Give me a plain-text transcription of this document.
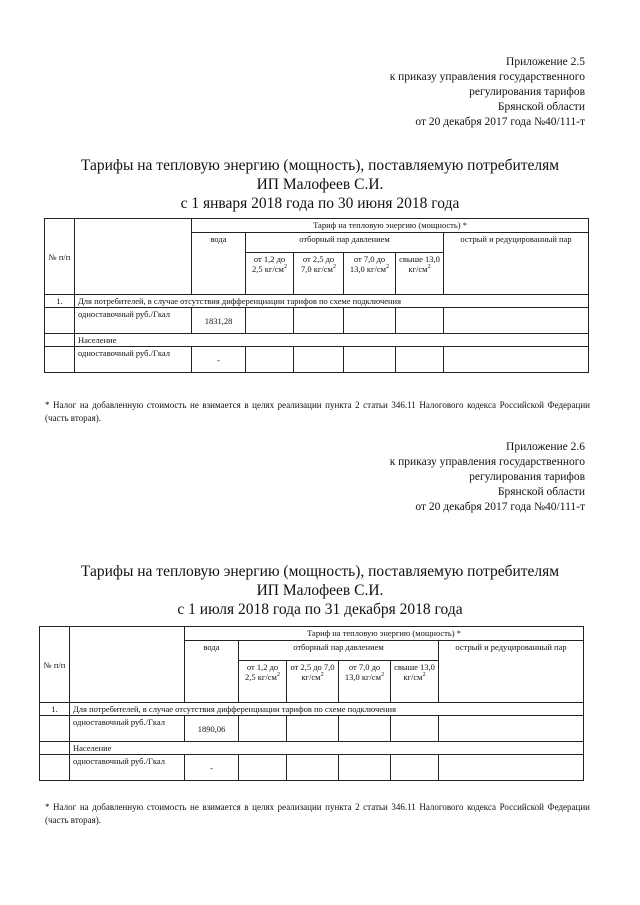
Приложение 2.5
к приказу управления государственного
регулирования тарифов
Брянской области
от 20 декабря 2017 года №40/111-т
Тарифы на тепловую энергию (мощность), поставляемую потребителям
ИП Малофеев С.И.
с 1 января 2018 года по 30 июня 2018 года
№ п/п		Тариф на тепловую энергию (мощность) *					
		вода	отборный пар давлением				острый и редуцированный пар
			от 1,2 до 2,5 $кг/см^2$	от 2,5 до 7,0 $кг/см^2$	от 7,0 до 13,0 $кг/см^2$	свыше 13,0 $кг/см^2$
1.	Для потребителей, в случае отсутствия дифференциации тарифов по схеме подключения						
	одноставочный руб./Гкал	1831,28					
	Население						
	одноставочный руб./Гкал	-					
* Налог на добавленную стоимость не взимается в целях реализации пункта 2 статьи 346.11 Налогового кодекса Российской Федерации (часть вторая).
Приложение 2.6
к приказу управления государственного
регулирования тарифов
Брянской области
от 20 декабря 2017 года №40/111-т
Тарифы на тепловую энергию (мощность), поставляемую потребителям
ИП Малофеев С.И.
с 1 июля 2018 года по 31 декабря 2018 года
№ п/п		Тариф на тепловую энергию (мощность) *					
		вода	отборный пар давлением				острый и редуцированный пар
			от 1,2 до 2,5 $кг/см^2$	от 2,5 до 7,0 $кг/см^2$	от 7,0 до 13,0 $кг/см^2$	свыше 13,0 $кг/см^2$
1.	Для потребителей, в случае отсутствия дифференциации тарифов по схеме подключения						
	одноставочный руб./Гкал	1890,06					
	Население						
	одноставочный руб./Гкал	-					
* Налог на добавленную стоимость не взимается в целях реализации пункта 2 статьи 346.11 Налогового кодекса Российской Федерации (часть вторая).
